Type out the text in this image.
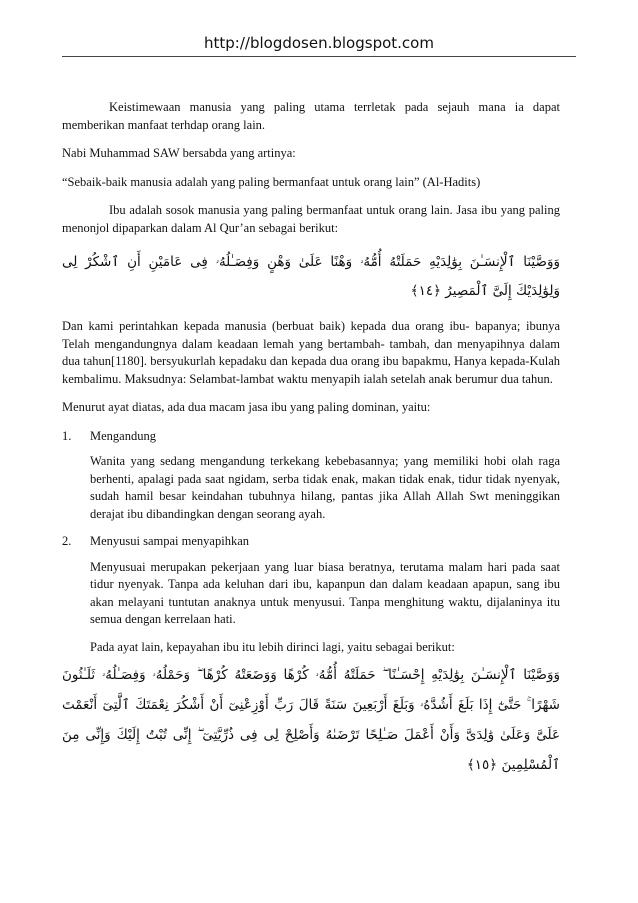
http://blogdosen.blogspot.com

Keistimewaan manusia yang paling utama terrletak pada sejauh mana ia dapat memberikan manfaat terhdap orang lain.

Nabi Muhammad SAW bersabda yang artinya:

“Sebaik-baik manusia adalah yang paling bermanfaat untuk orang lain” (Al-Hadits)

Ibu adalah sosok manusia yang paling bermanfaat untuk orang lain. Jasa ibu yang paling menonjol dipaparkan dalam Al Qur’an sebagai berikut:

وَوَصَّيْنَا ٱلْإِنسَـٰنَ بِوَٰلِدَيْهِ حَمَلَتْهُ أُمُّهُۥ وَهْنًا عَلَىٰ وَهْنٍ وَفِصَـٰلُهُۥ فِى عَامَيْنِ أَنِ ٱشْكُرْ لِى وَلِوَٰلِدَيْكَ إِلَىَّ ٱلْمَصِيرُ ﴿١٤﴾

Dan kami perintahkan kepada manusia (berbuat baik) kepada dua orang ibu- bapanya; ibunya Telah mengandungnya dalam keadaan lemah yang bertambah- tambah, dan menyapihnya dalam dua tahun[1180]. bersyukurlah kepadaku dan kepada dua orang ibu bapakmu, Hanya kepada-Kulah kembalimu. Maksudnya: Selambat-lambat waktu menyapih ialah setelah anak berumur dua tahun.

Menurut ayat diatas, ada dua macam jasa ibu yang paling dominan, yaitu:

1.	Mengandung

Wanita yang sedang mengandung terkekang kebebasannya; yang memiliki hobi olah raga berhenti, apalagi pada saat ngidam, serba tidak enak, makan tidak enak, tidur tidak nyenyak, sudah hamil besar keindahan tubuhnya hilang, pantas jika Allah Allah Swt meninggikan derajat ibu dibandingkan dengan seorang ayah.

2.	Menyusui sampai menyapihkan

Menyusuai merupakan pekerjaan yang luar biasa beratnya, terutama malam hari pada saat tidur nyenyak. Tanpa ada keluhan dari ibu, kapanpun dan dalam keadaan apapun, sang ibu akan melayani tuntutan anaknya untuk menyusui. Tanpa menghitung waktu, dijalaninya itu semua dengan kerrelaan hati.

Pada ayat lain, kepayahan ibu itu lebih dirinci lagi, yaitu sebagai berikut:

وَوَصَّيْنَا ٱلْإِنسَـٰنَ بِوَٰلِدَيْهِ إِحْسَـٰنًا ۖ حَمَلَتْهُ أُمُّهُۥ كُرْهًا وَوَضَعَتْهُ كُرْهًا ۖ وَحَمْلُهُۥ وَفِصَـٰلُهُۥ ثَلَـٰثُونَ شَهْرًا ۚ حَتَّىٰٓ إِذَا بَلَغَ أَشُدَّهُۥ وَبَلَغَ أَرْبَعِينَ سَنَةً قَالَ رَبِّ أَوْزِعْنِىٓ أَنْ أَشْكُرَ نِعْمَتَكَ ٱلَّتِىٓ أَنْعَمْتَ عَلَىَّ وَعَلَىٰ وَٰلِدَىَّ وَأَنْ أَعْمَلَ صَـٰلِحًا تَرْضَىٰهُ وَأَصْلِحْ لِى فِى ذُرِّيَّتِىٓ ۖ إِنِّى تُبْتُ إِلَيْكَ وَإِنِّى مِنَ ٱلْمُسْلِمِينَ ﴿١٥﴾
